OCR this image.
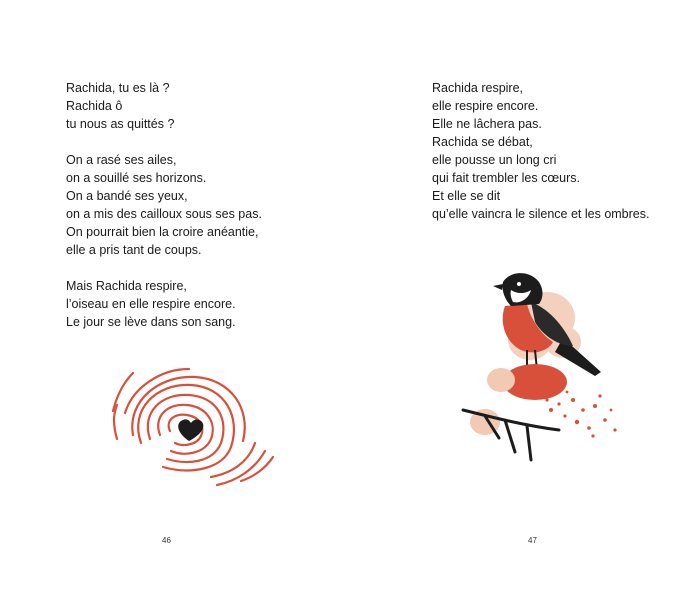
Rachida, tu es là ?
Rachida ô
tu nous as quittés ?
On a rasé ses ailes,
on a souillé ses horizons.
On a bandé ses yeux,
on a mis des cailloux sous ses pas.
On pourrait bien la croire anéantie,
elle a pris tant de coups.
Mais Rachida respire,
l’oiseau en elle respire encore.
Le jour se lève dans son sang.
46
Rachida respire,
elle respire encore.
Elle ne lâchera pas.
Rachida se débat,
elle pousse un long cri
qui fait trembler les cœurs.
Et elle se dit
qu’elle vaincra le silence et les ombres.
47
